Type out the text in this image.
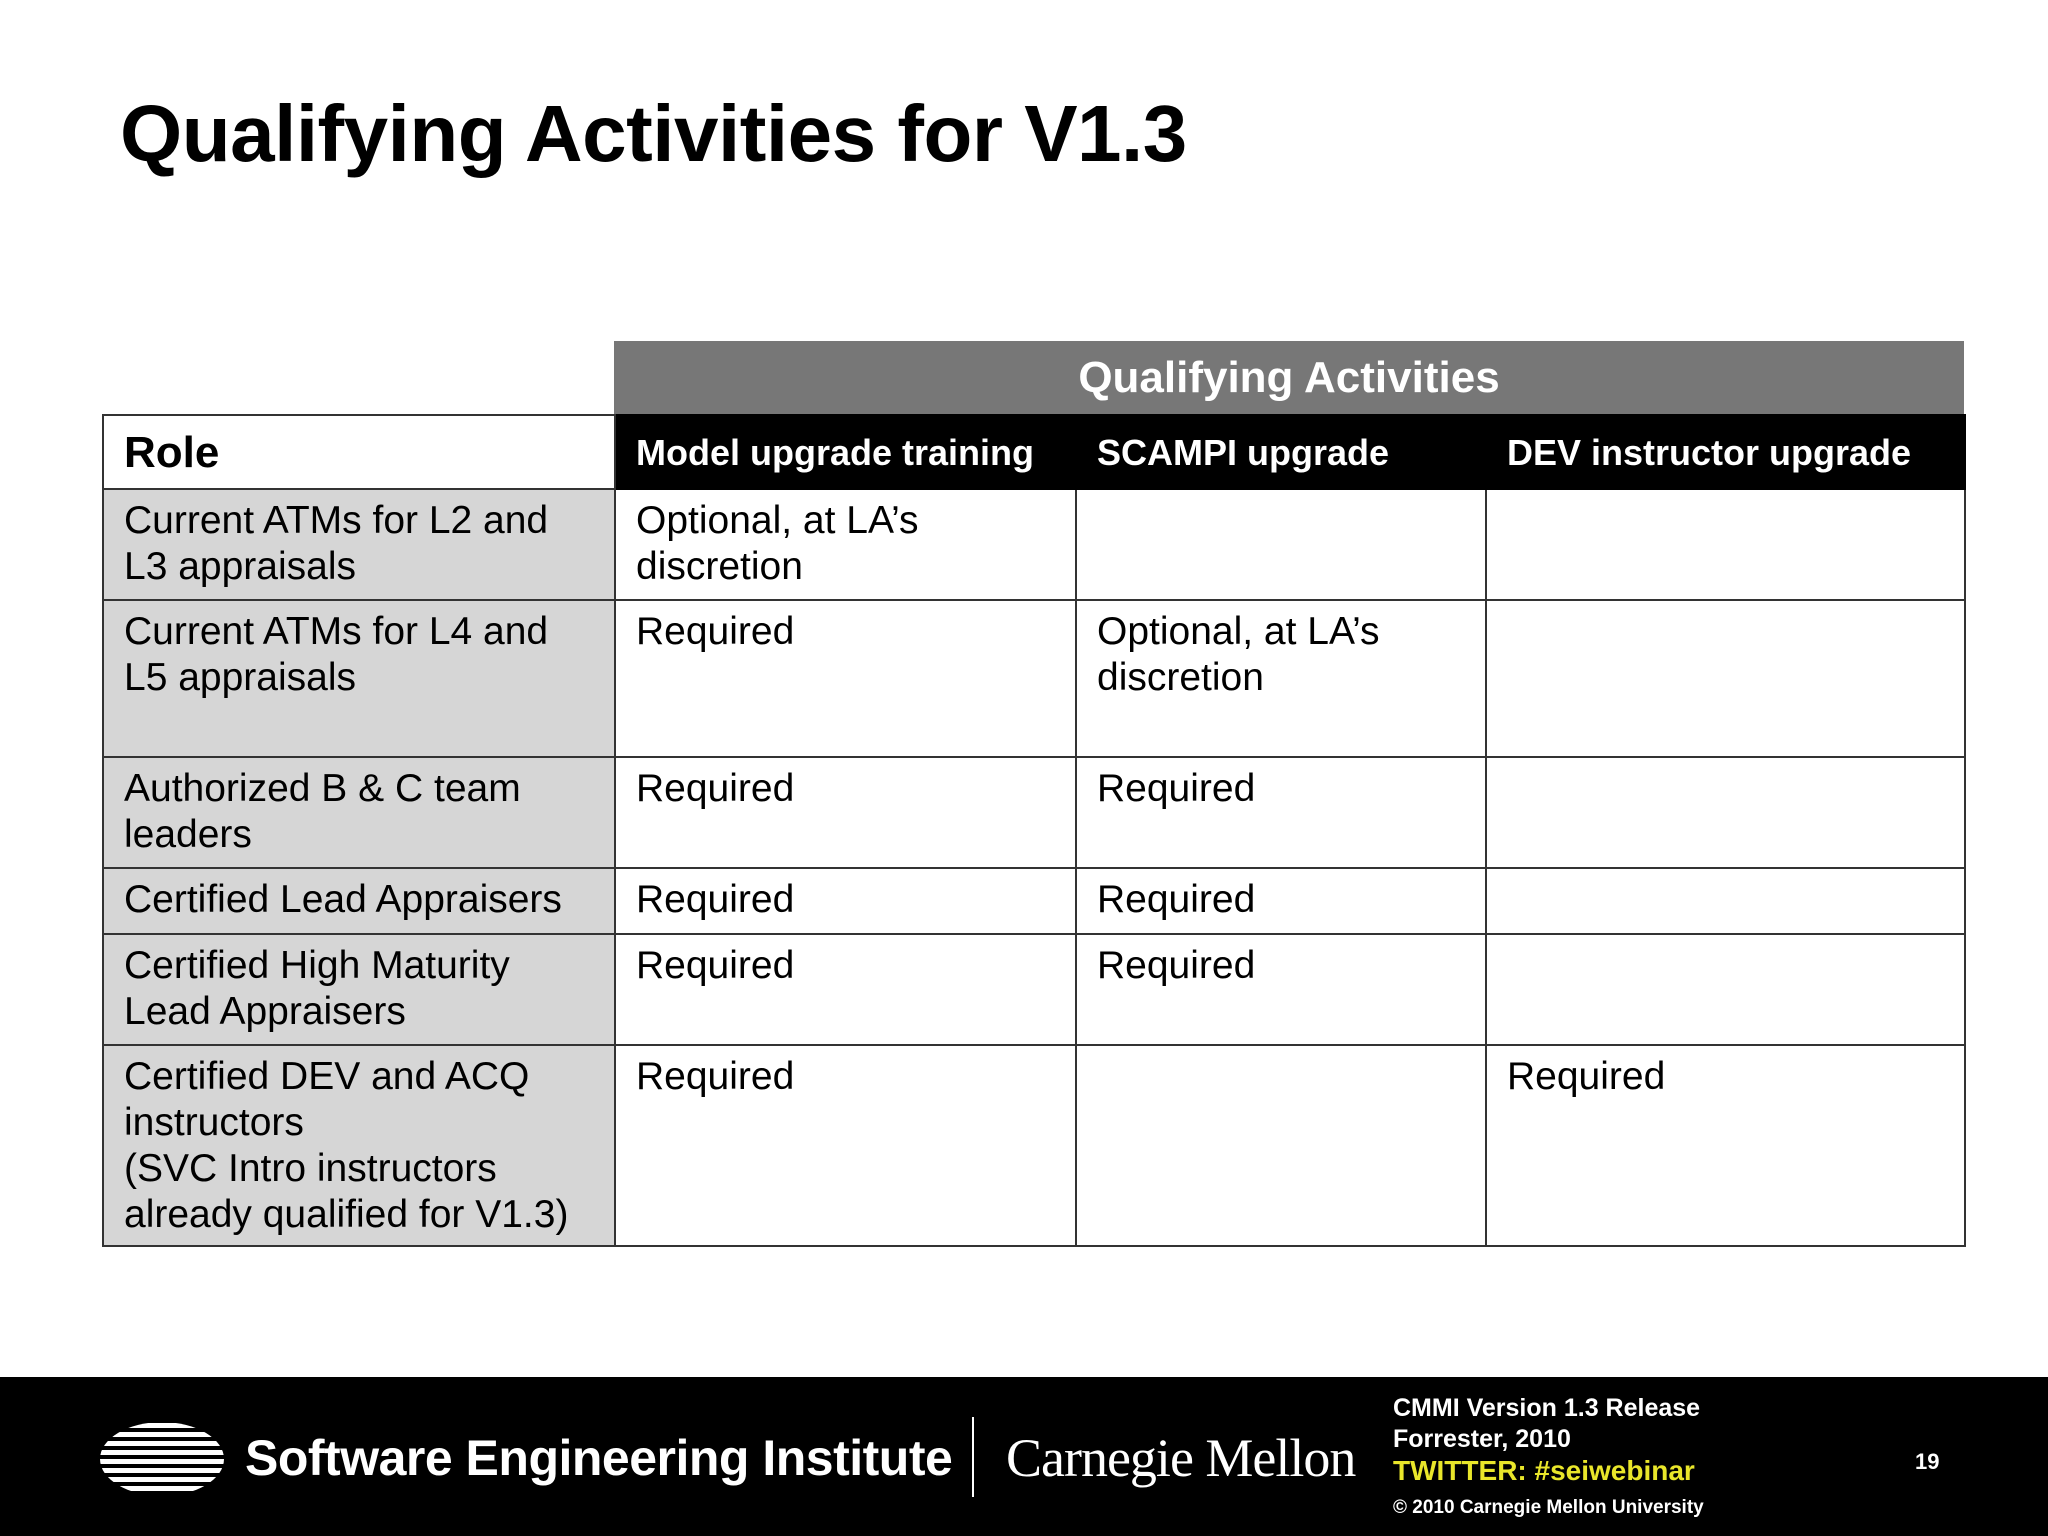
Qualifying Activities for V1.3
Qualifying Activities
Role	Model upgrade training	SCAMPI upgrade	DEV instructor upgrade
Current ATMs for L2 and
L3 appraisals	Optional, at LA’s
discretion		
Current ATMs for L4 and
L5 appraisals	Required	Optional, at LA’s
discretion	
Authorized B & C team
leaders	Required	Required	
Certified Lead Appraisers	Required	Required	
Certified High Maturity
Lead Appraisers	Required	Required	
Certified DEV and ACQ
instructors
(SVC Intro instructors
already qualified for V1.3)	Required		Required
Software Engineering Institute Carnegie Mellon
CMMI Version 1.3 Release
Forrester, 2010
TWITTER: #seiwebinar
© 2010 Carnegie Mellon University
19
